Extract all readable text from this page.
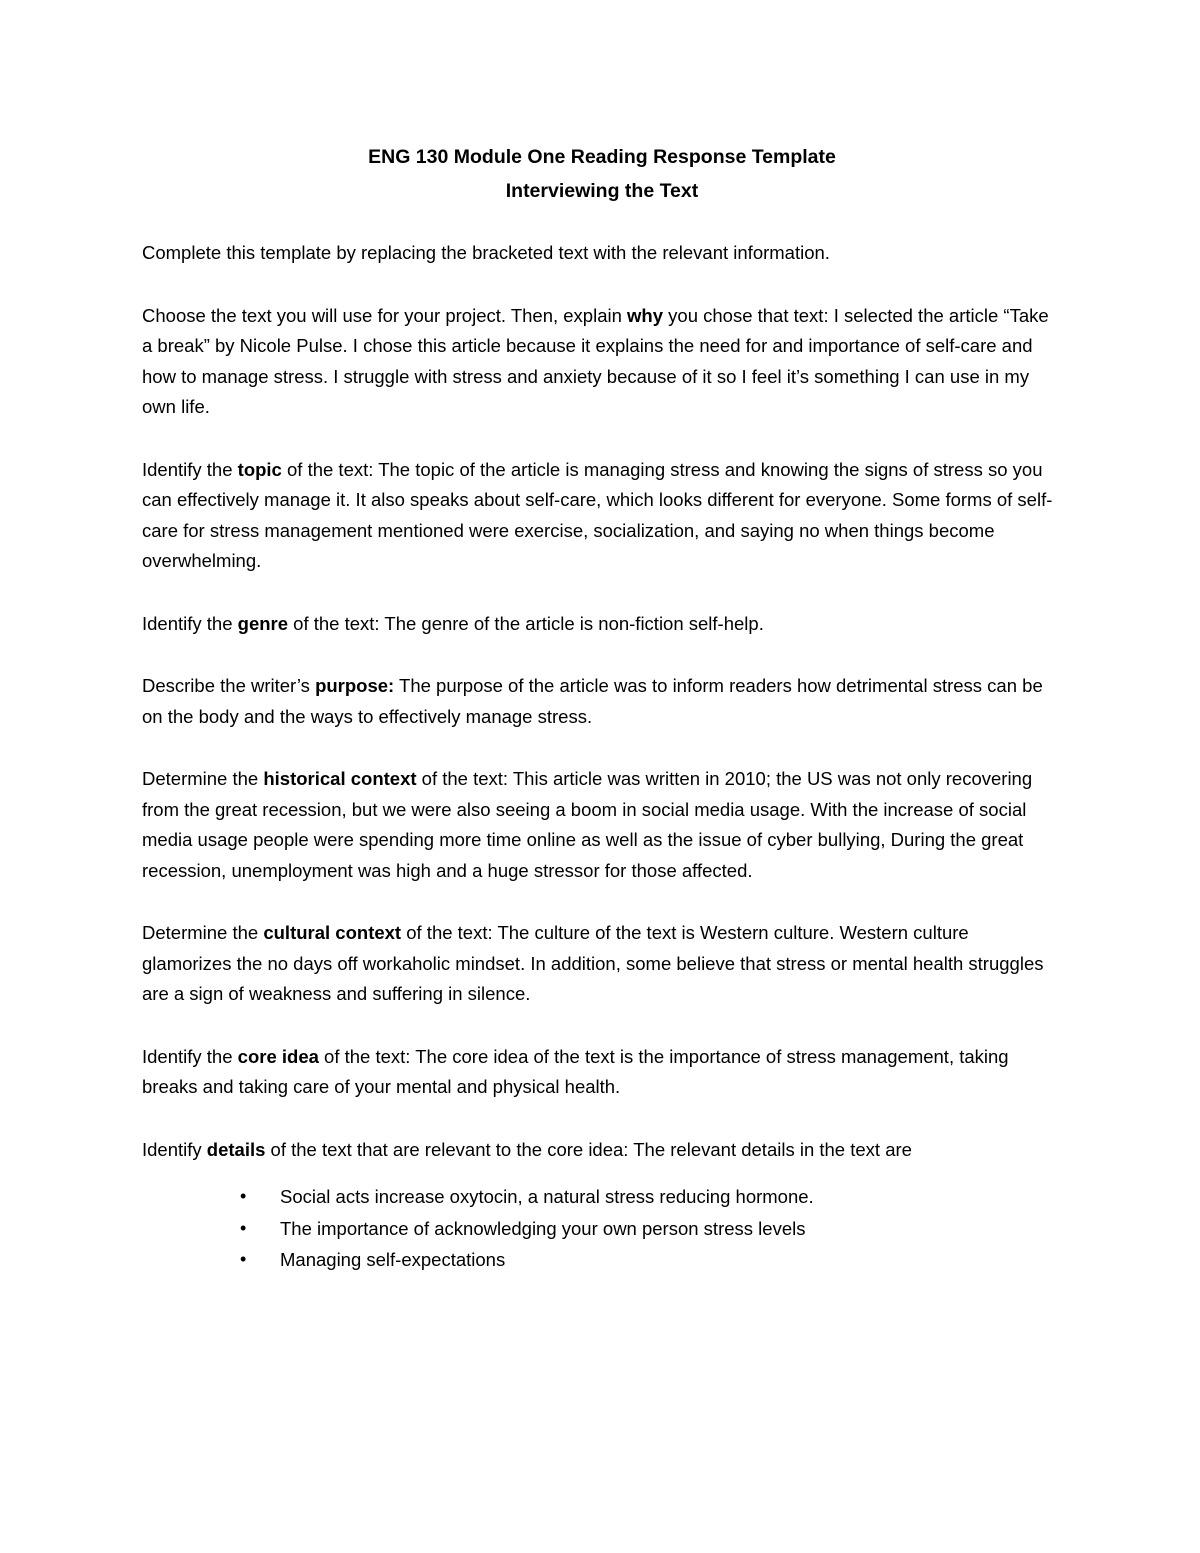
ENG 130 Module One Reading Response Template
Interviewing the Text

Complete this template by replacing the bracketed text with the relevant information.

Choose the text you will use for your project. Then, explain why you chose that text: I selected the article “Take a break” by Nicole Pulse. I chose this article because it explains the need for and importance of self-care and how to manage stress. I struggle with stress and anxiety because of it so I feel it’s something I can use in my own life.

Identify the topic of the text: The topic of the article is managing stress and knowing the signs of stress so you can effectively manage it. It also speaks about self-care, which looks different for everyone. Some forms of self-care for stress management mentioned were exercise, socialization, and saying no when things become overwhelming.

Identify the genre of the text: The genre of the article is non-fiction self-help.

Describe the writer’s purpose: The purpose of the article was to inform readers how detrimental stress can be on the body and the ways to effectively manage stress.

Determine the historical context of the text: This article was written in 2010; the US was not only recovering from the great recession, but we were also seeing a boom in social media usage. With the increase of social media usage people were spending more time online as well as the issue of cyber bullying, During the great recession, unemployment was high and a huge stressor for those affected.

Determine the cultural context of the text: The culture of the text is Western culture. Western culture glamorizes the no days off workaholic mindset. In addition, some believe that stress or mental health struggles are a sign of weakness and suffering in silence.

Identify the core idea of the text: The core idea of the text is the importance of stress management, taking breaks and taking care of your mental and physical health.

Identify details of the text that are relevant to the core idea: The relevant details in the text are

• Social acts increase oxytocin, a natural stress reducing hormone.
• The importance of acknowledging your own person stress levels
• Managing self-expectations
